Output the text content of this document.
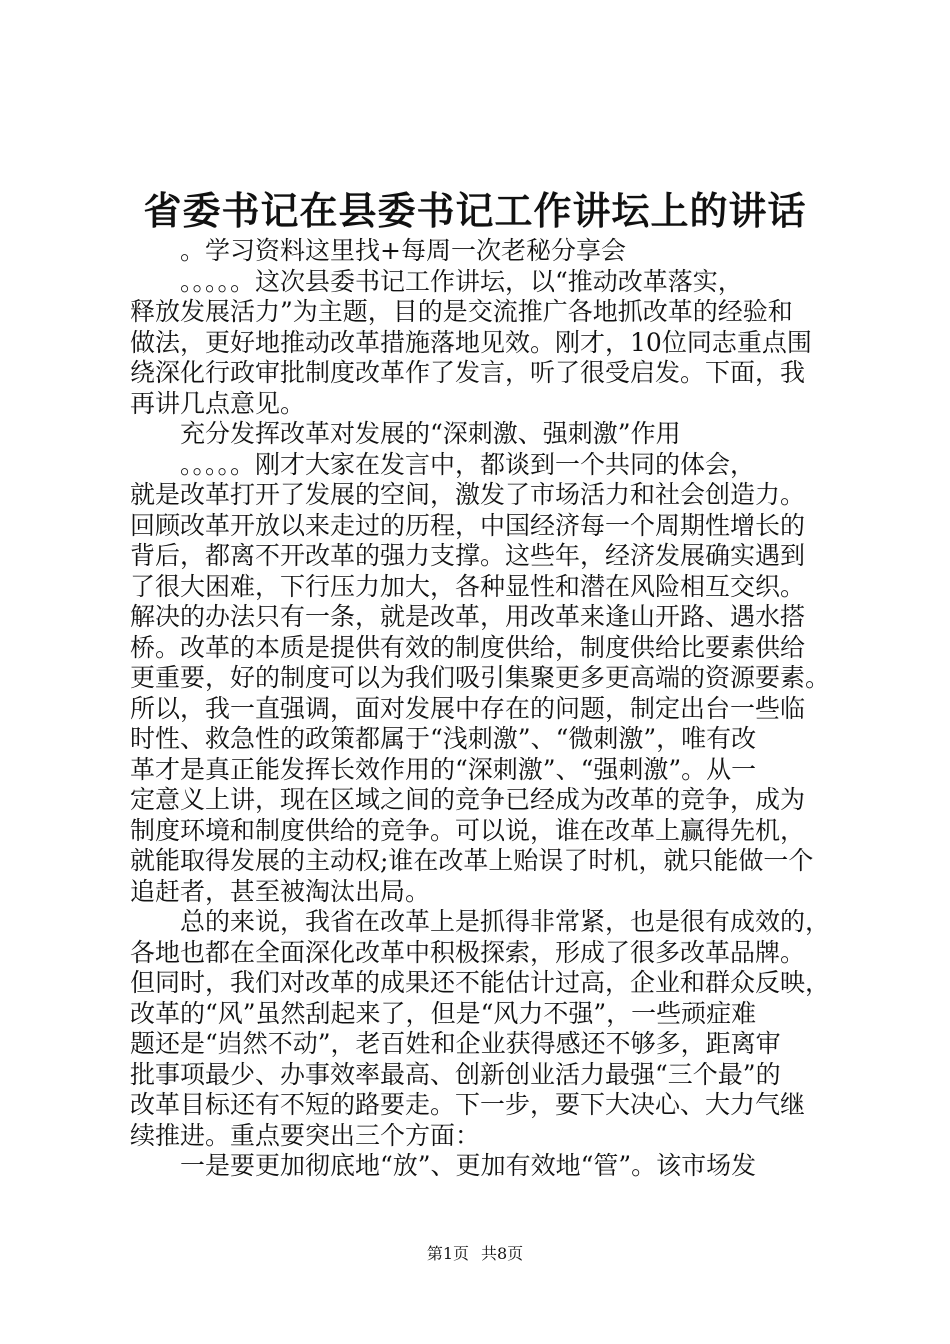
省委书记在县委书记工作讲坛上的讲话
。学习资料这里找+每周一次老秘分享会
。。。。。这次县委书记工作讲坛，以“推动改革落实，
释放发展活力”为主题，目的是交流推广各地抓改革的经验和
做法，更好地推动改革措施落地见效。刚才，10位同志重点围
绕深化行政审批制度改革作了发言，听了很受启发。下面，我
再讲几点意见。
充分发挥改革对发展的“深刺激、强刺激”作用
。。。。。刚才大家在发言中，都谈到一个共同的体会，
就是改革打开了发展的空间，激发了市场活力和社会创造力。
回顾改革开放以来走过的历程，中国经济每一个周期性增长的
背后，都离不开改革的强力支撑。这些年，经济发展确实遇到
了很大困难，下行压力加大，各种显性和潜在风险相互交织。
解决的办法只有一条，就是改革，用改革来逢山开路、遇水搭
桥。改革的本质是提供有效的制度供给，制度供给比要素供给
更重要，好的制度可以为我们吸引集聚更多更高端的资源要素。
所以，我一直强调，面对发展中存在的问题，制定出台一些临
时性、救急性的政策都属于“浅刺激”、“微刺激”，唯有改
革才是真正能发挥长效作用的“深刺激”、“强刺激”。从一
定意义上讲，现在区域之间的竞争已经成为改革的竞争，成为
制度环境和制度供给的竞争。可以说，谁在改革上赢得先机，
就能取得发展的主动权;谁在改革上贻误了时机，就只能做一个
追赶者，甚至被淘汰出局。
总的来说，我省在改革上是抓得非常紧，也是很有成效的，
各地也都在全面深化改革中积极探索，形成了很多改革品牌。
但同时，我们对改革的成果还不能估计过高，企业和群众反映，
改革的“风”虽然刮起来了，但是“风力不强”，一些顽症难
题还是“岿然不动”，老百姓和企业获得感还不够多，距离审
批事项最少、办事效率最高、创新创业活力最强“三个最”的
改革目标还有不短的路要走。下一步，要下大决心、大力气继
续推进。重点要突出三个方面：
一是要更加彻底地“放”、更加有效地“管”。该市场发
第1页 共8页
